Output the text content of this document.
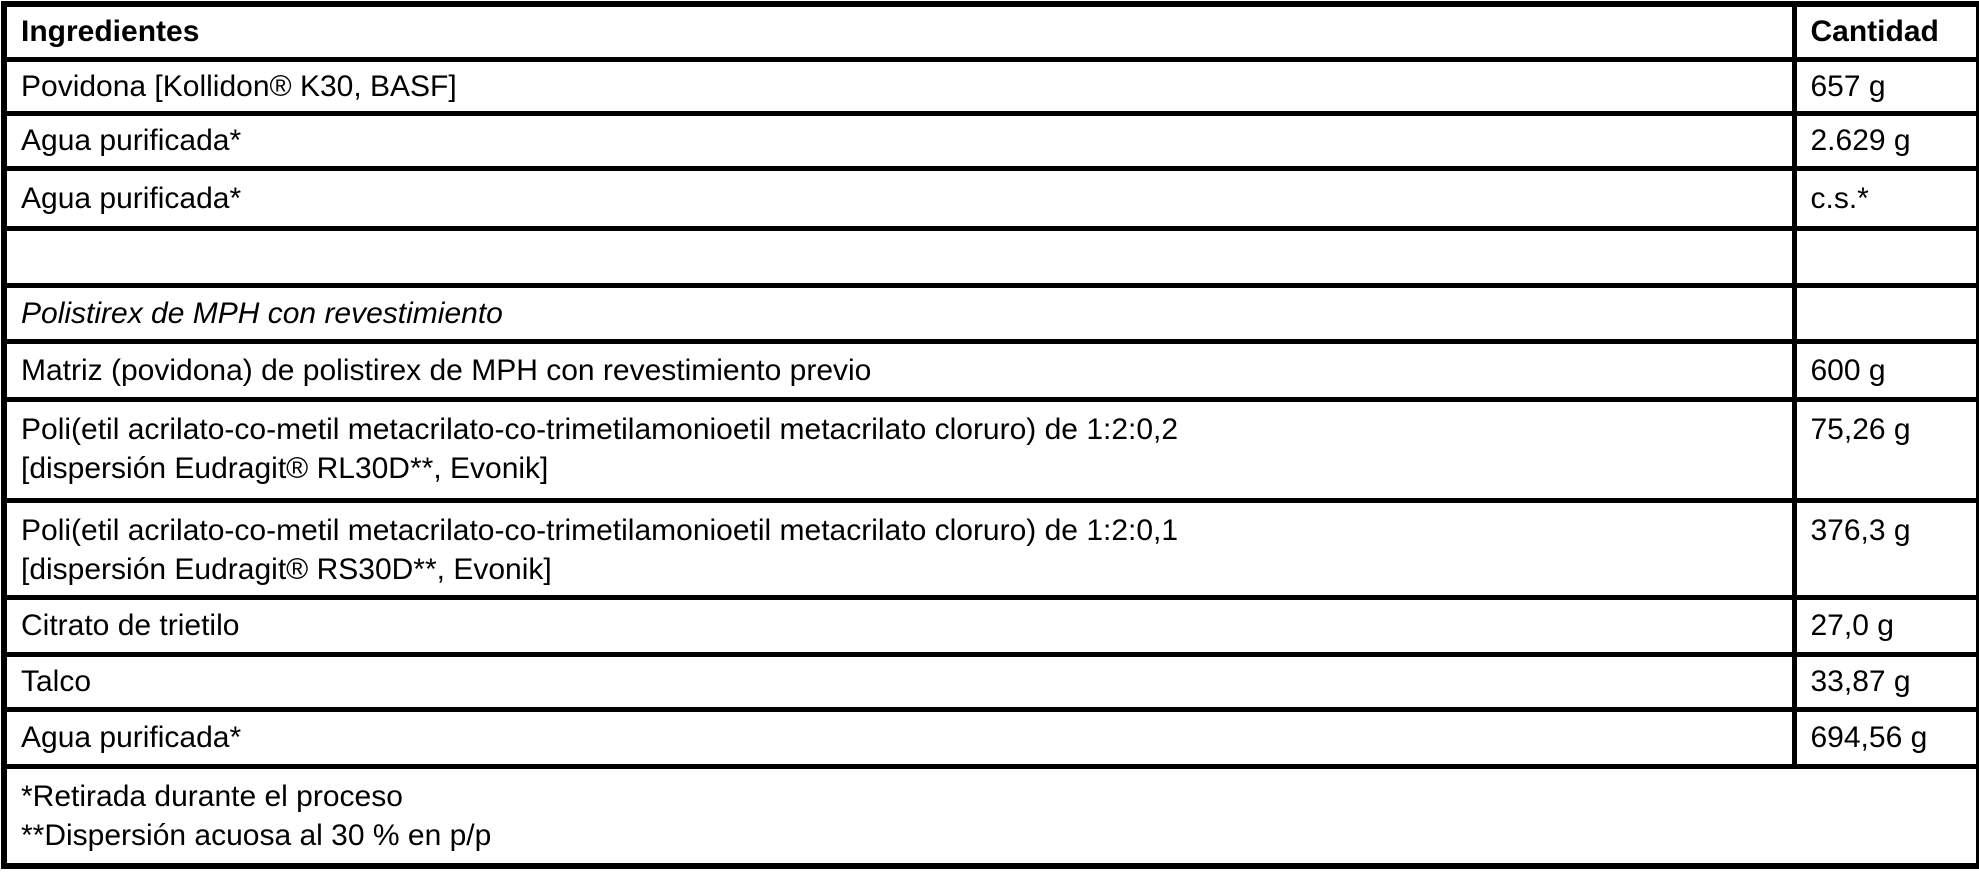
Ingredientes	Cantidad
Povidona [Kollidon® K30, BASF]	657 g
Agua purificada*	2.629 g
Agua purificada*	c.s.*

Polistirex de MPH con revestimiento	
Matriz (povidona) de polistirex de MPH con revestimiento previo	600 g

Poli(etil acrilato-co-metil metacrilato-co-trimetilamonioetil metacrilato cloruro) de 1:2:0,2
[dispersión Eudragit® RL30D**, Evonik]	75,26 g

Poli(etil acrilato-co-metil metacrilato-co-trimetilamonioetil metacrilato cloruro) de 1:2:0,1
[dispersión Eudragit® RS30D**, Evonik]	376,3 g
Citrato de trietilo	27,0 g
Talco	33,87 g
Agua purificada*	694,56 g

*Retirada durante el proceso
**Dispersión acuosa al 30 % en p/p	
